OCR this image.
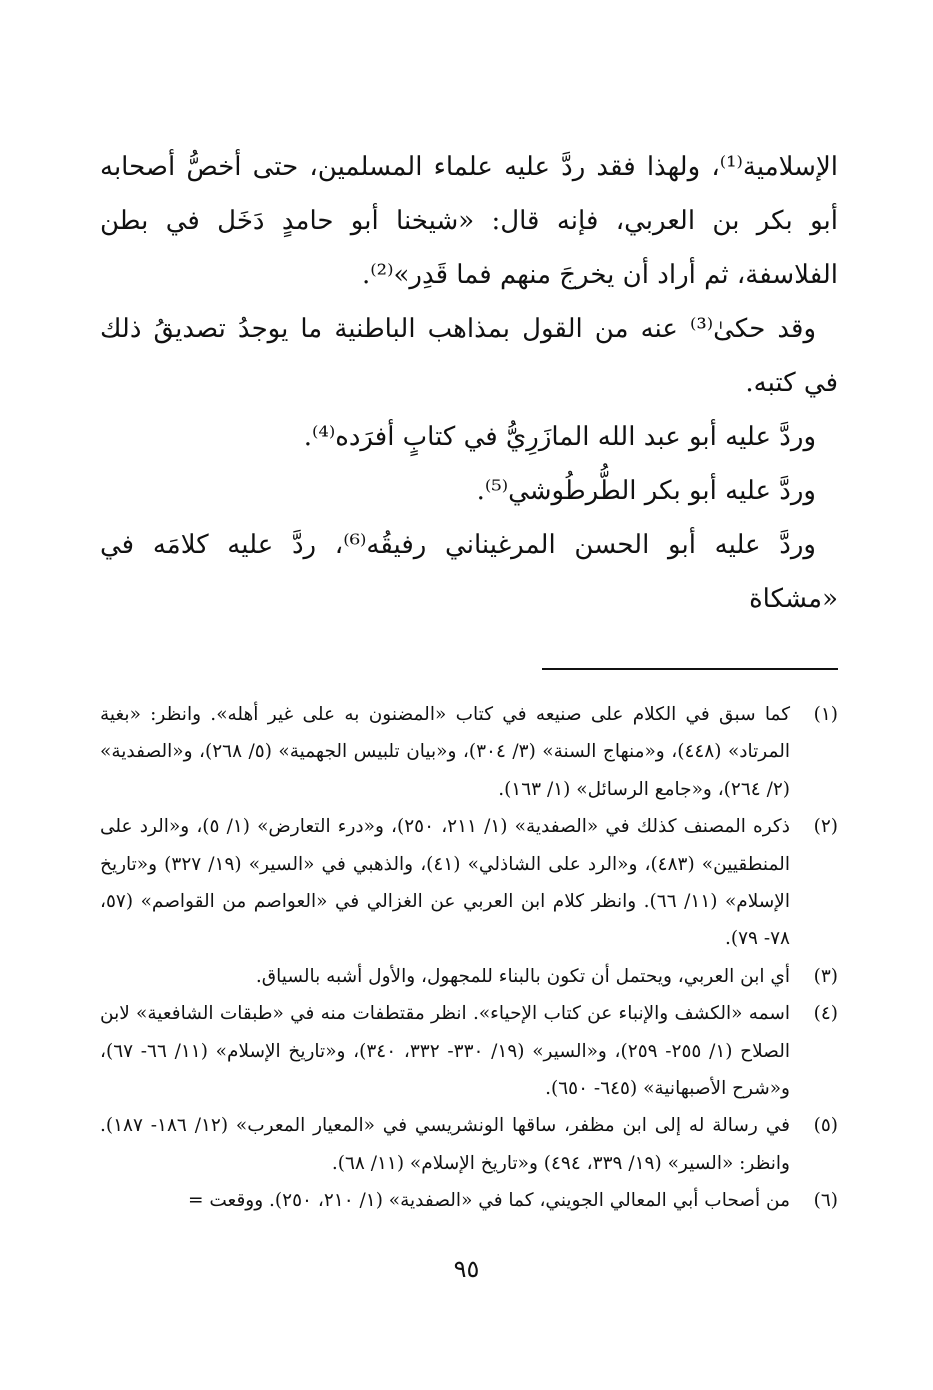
الإسلامية⁽¹⁾، ولهذا فقد ردَّ عليه علماء المسلمين، حتى أخصُّ أصحابه أبو بكر بن العربي، فإنه قال: «شيخنا أبو حامدٍ دَخَل في بطن الفلاسفة، ثم أراد أن يخرجَ منهم فما قَدِر»⁽²⁾.

وقد حكىٰ⁽³⁾ عنه من القول بمذاهب الباطنية ما يوجدُ تصديقُ ذلك في كتبه.

وردَّ عليه أبو عبد الله المازَرِيُّ في كتابٍ أفرَده⁽⁴⁾.

وردَّ عليه أبو بكر الطُّرطُوشي⁽⁵⁾.

وردَّ عليه أبو الحسن المرغيناني رفيقُه⁽⁶⁾، ردَّ عليه كلامَه في «مشكاة

(١)
كما سبق في الكلام على صنيعه في كتاب «المضنون به على غير أهله». وانظر: «بغية المرتاد» (٤٤٨)، و«منهاج السنة» (٣/ ٣٠٤)، و«بيان تلبيس الجهمية» (٥/ ٢٦٨)، و«الصفدية» (٢/ ٢٦٤)، و«جامع الرسائل» (١/ ١٦٣).
(٢)
ذكره المصنف كذلك في «الصفدية» (١/ ٢١١، ٢٥٠)، و«درء التعارض» (١/ ٥)، و«الرد على المنطقيين» (٤٨٣)، و«الرد على الشاذلي» (٤١)، والذهبي في «السير» (١٩/ ٣٢٧) و«تاريخ الإسلام» (١١/ ٦٦). وانظر كلام ابن العربي عن الغزالي في «العواصم من القواصم» (٥٧، ٧٨- ٧٩).
(٣)
أي ابن العربي، ويحتمل أن تكون بالبناء للمجهول، والأول أشبه بالسياق.
(٤)
اسمه «الكشف والإنباء عن كتاب الإحياء». انظر مقتطفات منه في «طبقات الشافعية» لابن الصلاح (١/ ٢٥٥- ٢٥٩)، و«السير» (١٩/ ٣٣٠- ٣٣٢، ٣٤٠)، و«تاريخ الإسلام» (١١/ ٦٦- ٦٧)، و«شرح الأصبهانية» (٦٤٥- ٦٥٠).
(٥)
في رسالة له إلى ابن مظفر، ساقها الونشريسي في «المعيار المعرب» (١٢/ ١٨٦- ١٨٧). وانظر: «السير» (١٩/ ٣٣٩، ٤٩٤) و«تاريخ الإسلام» (١١/ ٦٨).
(٦)
من أصحاب أبي المعالي الجويني، كما في «الصفدية» (١/ ٢١٠، ٢٥٠). ووقعت =
٩٥
